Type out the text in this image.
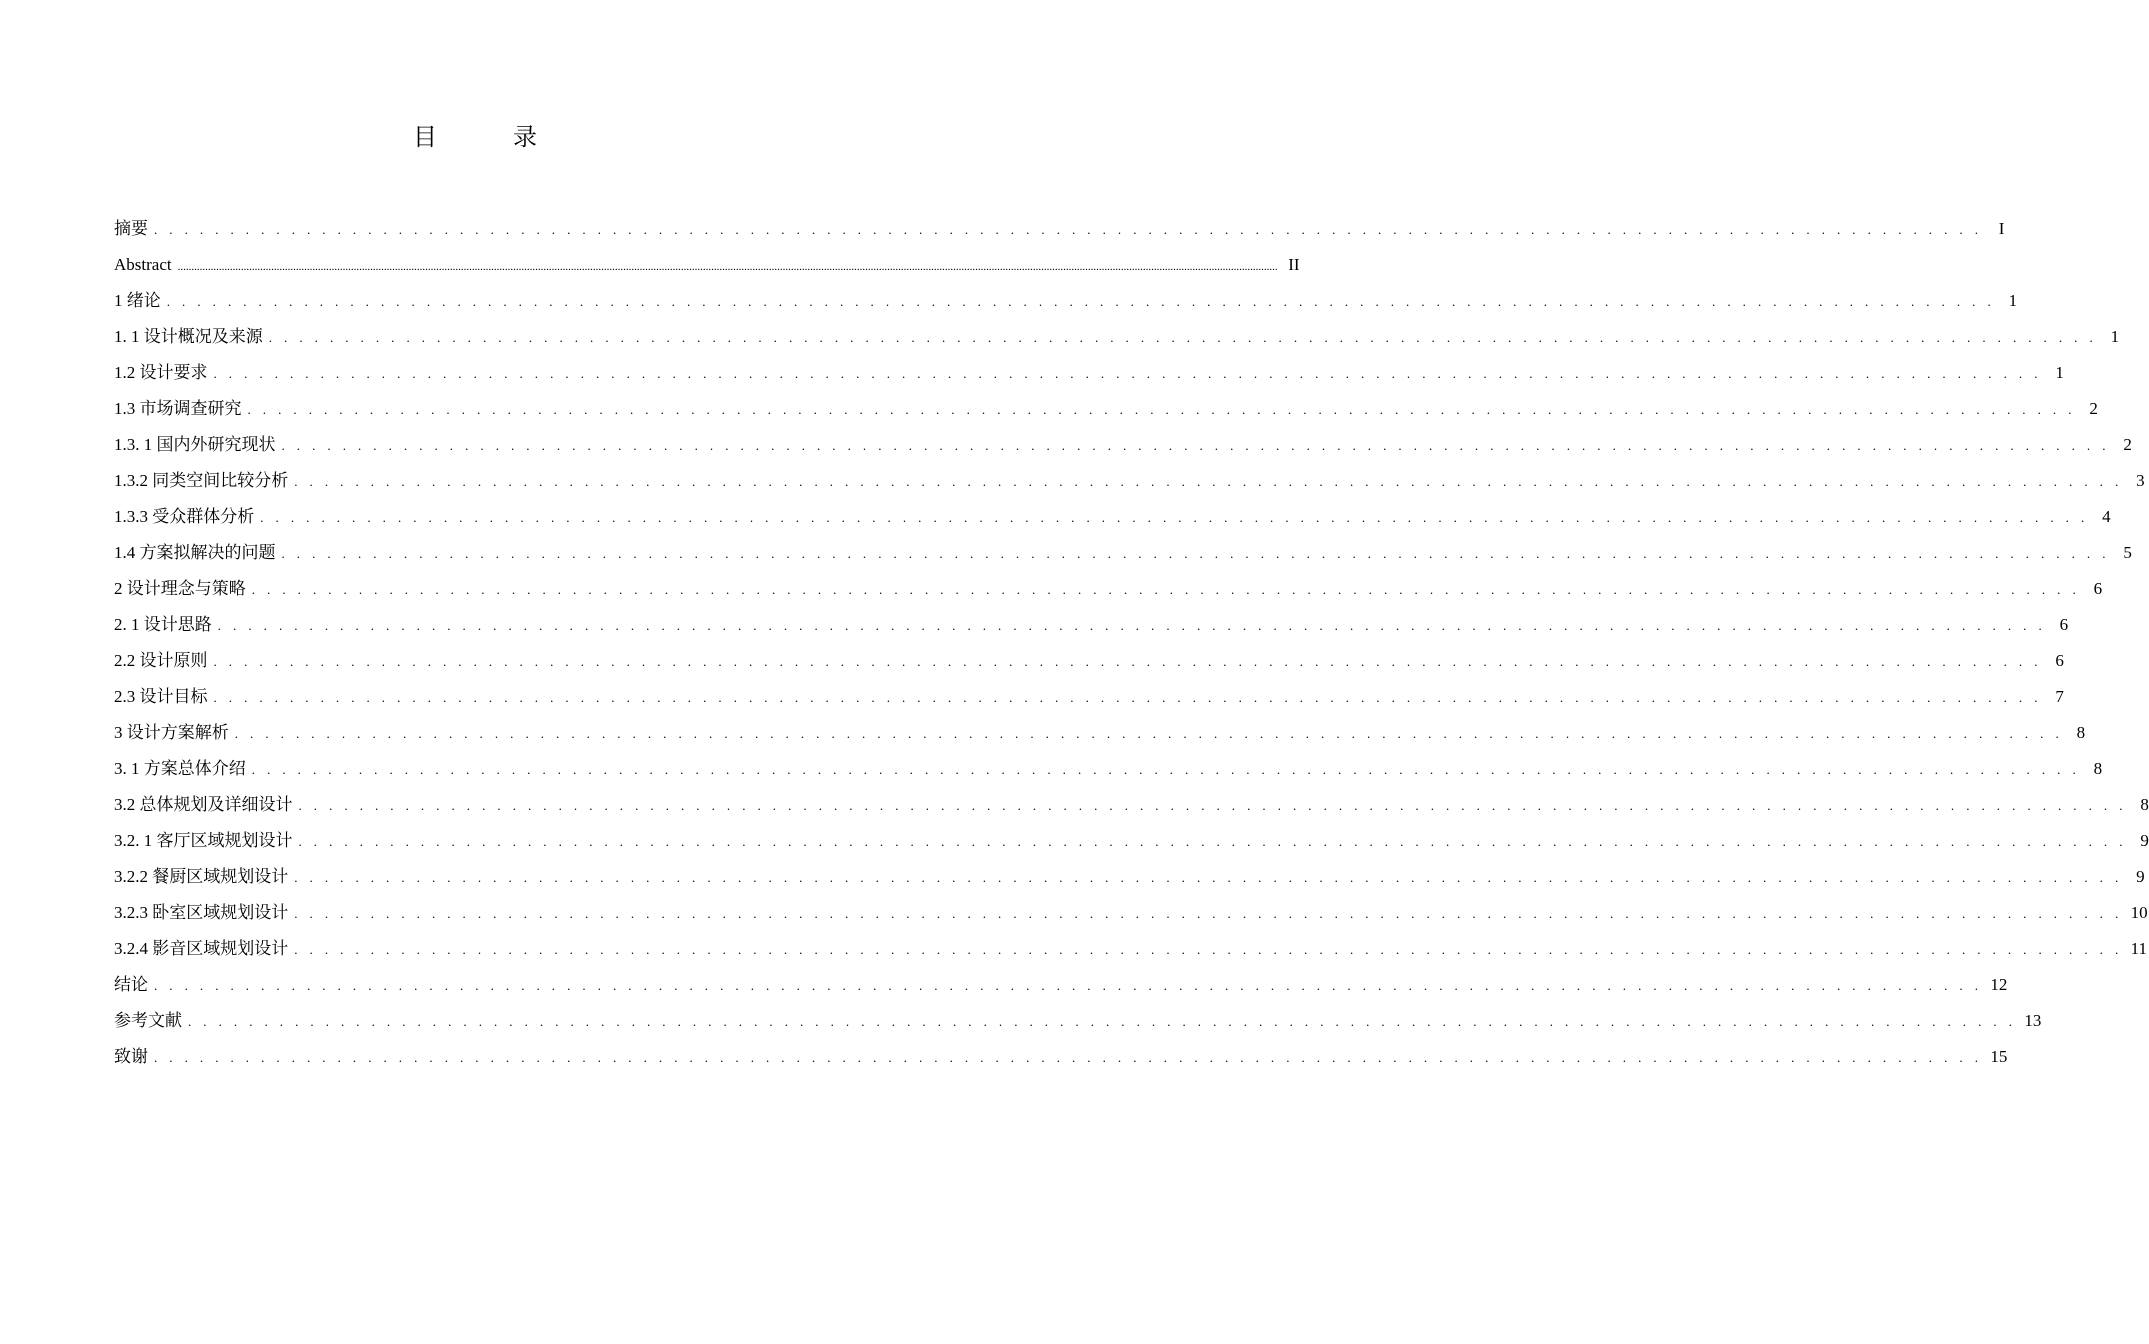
目　录
摘要 . . . . . . . . . . . . . . . . . . . . . . . . . . . . . . . . . . . . . . . . . . . . . . . . . . . . . . . . . . . . . . . . . . . . . . . . . . . . . . . . . . . . . . . . . . . . . . . . . . . . . . . . . . . . . . . . . . . . . . . . I
Abstract ................................................................................................................................................................................................................................................................................................................................................................................................................ II
1 绪论 . . . . . . . . . . . . . . . . . . . . . . . . . . . . . . . . . . . . . . . . . . . . . . . . . . . . . . . . . . . . . . . . . . . . . . . . . . . . . . . . . . . . . . . . . . . . . . . . . . . . . . . . . . . . . . . . . . . . . . . . 1
1. 1 设计概况及来源 . . . . . . . . . . . . . . . . . . . . . . . . . . . . . . . . . . . . . . . . . . . . . . . . . . . . . . . . . . . . . . . . . . . . . . . . . . . . . . . . . . . . . . . . . . . . . . . . . . . . . . . . . . . . . . . . . . . . . . . . 1
1.2 设计要求 . . . . . . . . . . . . . . . . . . . . . . . . . . . . . . . . . . . . . . . . . . . . . . . . . . . . . . . . . . . . . . . . . . . . . . . . . . . . . . . . . . . . . . . . . . . . . . . . . . . . . . . . . . . . . . . . . . . . . . . . 1
1.3 市场调查研究 . . . . . . . . . . . . . . . . . . . . . . . . . . . . . . . . . . . . . . . . . . . . . . . . . . . . . . . . . . . . . . . . . . . . . . . . . . . . . . . . . . . . . . . . . . . . . . . . . . . . . . . . . . . . . . . . . . . . . . . . 2
1.3. 1 国内外研究现状 . . . . . . . . . . . . . . . . . . . . . . . . . . . . . . . . . . . . . . . . . . . . . . . . . . . . . . . . . . . . . . . . . . . . . . . . . . . . . . . . . . . . . . . . . . . . . . . . . . . . . . . . . . . . . . . . . . . . . . . . 2
1.3.2 同类空间比较分析 . . . . . . . . . . . . . . . . . . . . . . . . . . . . . . . . . . . . . . . . . . . . . . . . . . . . . . . . . . . . . . . . . . . . . . . . . . . . . . . . . . . . . . . . . . . . . . . . . . . . . . . . . . . . . . . . . . . . . . . . 3
1.3.3 受众群体分析 . . . . . . . . . . . . . . . . . . . . . . . . . . . . . . . . . . . . . . . . . . . . . . . . . . . . . . . . . . . . . . . . . . . . . . . . . . . . . . . . . . . . . . . . . . . . . . . . . . . . . . . . . . . . . . . . . . . . . . . . 4
1.4 方案拟解决的问题 . . . . . . . . . . . . . . . . . . . . . . . . . . . . . . . . . . . . . . . . . . . . . . . . . . . . . . . . . . . . . . . . . . . . . . . . . . . . . . . . . . . . . . . . . . . . . . . . . . . . . . . . . . . . . . . . . . . . . . . . 5
2 设计理念与策略 . . . . . . . . . . . . . . . . . . . . . . . . . . . . . . . . . . . . . . . . . . . . . . . . . . . . . . . . . . . . . . . . . . . . . . . . . . . . . . . . . . . . . . . . . . . . . . . . . . . . . . . . . . . . . . . . . . . . . . . . 6
2. 1 设计思路 . . . . . . . . . . . . . . . . . . . . . . . . . . . . . . . . . . . . . . . . . . . . . . . . . . . . . . . . . . . . . . . . . . . . . . . . . . . . . . . . . . . . . . . . . . . . . . . . . . . . . . . . . . . . . . . . . . . . . . . . 6
2.2 设计原则 . . . . . . . . . . . . . . . . . . . . . . . . . . . . . . . . . . . . . . . . . . . . . . . . . . . . . . . . . . . . . . . . . . . . . . . . . . . . . . . . . . . . . . . . . . . . . . . . . . . . . . . . . . . . . . . . . . . . . . . . 6
2.3 设计目标 . . . . . . . . . . . . . . . . . . . . . . . . . . . . . . . . . . . . . . . . . . . . . . . . . . . . . . . . . . . . . . . . . . . . . . . . . . . . . . . . . . . . . . . . . . . . . . . . . . . . . . . . . . . . . . . . . . . . . . . . 7
3 设计方案解析 . . . . . . . . . . . . . . . . . . . . . . . . . . . . . . . . . . . . . . . . . . . . . . . . . . . . . . . . . . . . . . . . . . . . . . . . . . . . . . . . . . . . . . . . . . . . . . . . . . . . . . . . . . . . . . . . . . . . . . . . 8
3. 1 方案总体介绍 . . . . . . . . . . . . . . . . . . . . . . . . . . . . . . . . . . . . . . . . . . . . . . . . . . . . . . . . . . . . . . . . . . . . . . . . . . . . . . . . . . . . . . . . . . . . . . . . . . . . . . . . . . . . . . . . . . . . . . . . 8
3.2 总体规划及详细设计 . . . . . . . . . . . . . . . . . . . . . . . . . . . . . . . . . . . . . . . . . . . . . . . . . . . . . . . . . . . . . . . . . . . . . . . . . . . . . . . . . . . . . . . . . . . . . . . . . . . . . . . . . . . . . . . . . . . . . . . . 8
3.2. 1 客厅区域规划设计 . . . . . . . . . . . . . . . . . . . . . . . . . . . . . . . . . . . . . . . . . . . . . . . . . . . . . . . . . . . . . . . . . . . . . . . . . . . . . . . . . . . . . . . . . . . . . . . . . . . . . . . . . . . . . . . . . . . . . . . . 9
3.2.2 餐厨区域规划设计 . . . . . . . . . . . . . . . . . . . . . . . . . . . . . . . . . . . . . . . . . . . . . . . . . . . . . . . . . . . . . . . . . . . . . . . . . . . . . . . . . . . . . . . . . . . . . . . . . . . . . . . . . . . . . . . . . . . . . . . . 9
3.2.3 卧室区域规划设计 . . . . . . . . . . . . . . . . . . . . . . . . . . . . . . . . . . . . . . . . . . . . . . . . . . . . . . . . . . . . . . . . . . . . . . . . . . . . . . . . . . . . . . . . . . . . . . . . . . . . . . . . . . . . . . . . . . . . . . . . 10
3.2.4 影音区域规划设计 . . . . . . . . . . . . . . . . . . . . . . . . . . . . . . . . . . . . . . . . . . . . . . . . . . . . . . . . . . . . . . . . . . . . . . . . . . . . . . . . . . . . . . . . . . . . . . . . . . . . . . . . . . . . . . . . . . . . . . . . 11
结论 . . . . . . . . . . . . . . . . . . . . . . . . . . . . . . . . . . . . . . . . . . . . . . . . . . . . . . . . . . . . . . . . . . . . . . . . . . . . . . . . . . . . . . . . . . . . . . . . . . . . . . . . . . . . . . . . . . . . . . . . 12
参考文献 . . . . . . . . . . . . . . . . . . . . . . . . . . . . . . . . . . . . . . . . . . . . . . . . . . . . . . . . . . . . . . . . . . . . . . . . . . . . . . . . . . . . . . . . . . . . . . . . . . . . . . . . . . . . . . . . . . . . . . . . 13
致谢 . . . . . . . . . . . . . . . . . . . . . . . . . . . . . . . . . . . . . . . . . . . . . . . . . . . . . . . . . . . . . . . . . . . . . . . . . . . . . . . . . . . . . . . . . . . . . . . . . . . . . . . . . . . . . . . . . . . . . . . . 15
